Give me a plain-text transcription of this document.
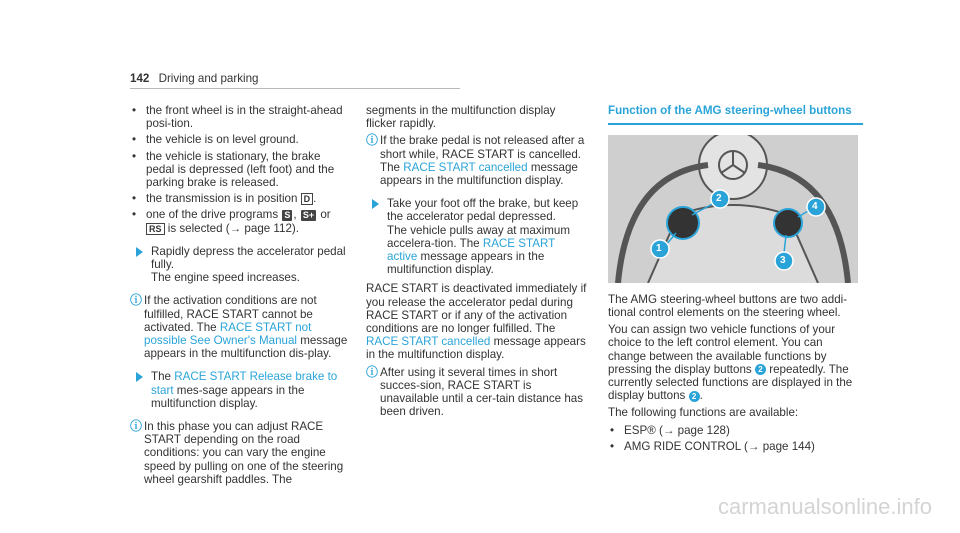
142 Driving and parking
•
the front wheel is in the straight-ahead posi-tion.
•
the vehicle is on level ground.
•
the vehicle is stationary, the brake pedal is depressed (left foot) and the parking brake is released.
•
the transmission is in position D .
•
one of the drive programs S , S+ or RS is selected (→ page 112).
Rapidly depress the accelerator pedal fully.
The engine speed increases.
ⓘ If the activation conditions are not fulfilled, RACE START cannot be activated. The RACE START not possible See Owner's Manual message appears in the multifunction dis-play.
The RACE START Release brake to start mes-sage appears in the multifunction display.
ⓘ In this phase you can adjust RACE START depending on the road conditions: you can vary the engine speed by pulling on one of the steering wheel gearshift paddles. The

segments in the multifunction display flicker rapidly.

ⓘ If the brake pedal is not released after a short while, RACE START is cancelled. The RACE START cancelled message appears in the multifunction display.
Take your foot off the brake, but keep the accelerator pedal depressed.
The vehicle pulls away at maximum accelera-tion. The RACE START active message appears in the multifunction display.

RACE START is deactivated immediately if you release the accelerator pedal during RACE START or if any of the activation conditions are no longer fulfilled. The RACE START cancelled message appears in the multifunction display.

ⓘ After using it several times in short succes-sion, RACE START is unavailable until a cer-tain distance has been driven.
Function of the AMG steering-wheel buttons
1
2
3
4

The AMG steering-wheel buttons are two addi-tional control elements on the steering wheel.

You can assign two vehicle functions of your choice to the left control element. You can change between the available functions by pressing the display buttons 2 repeatedly. The currently selected functions are displayed in the display buttons 2 .

The following functions are available:

•
ESP® (→ page 128)
•
AMG RIDE CONTROL (→ page 144)
carmanualsonline.info
